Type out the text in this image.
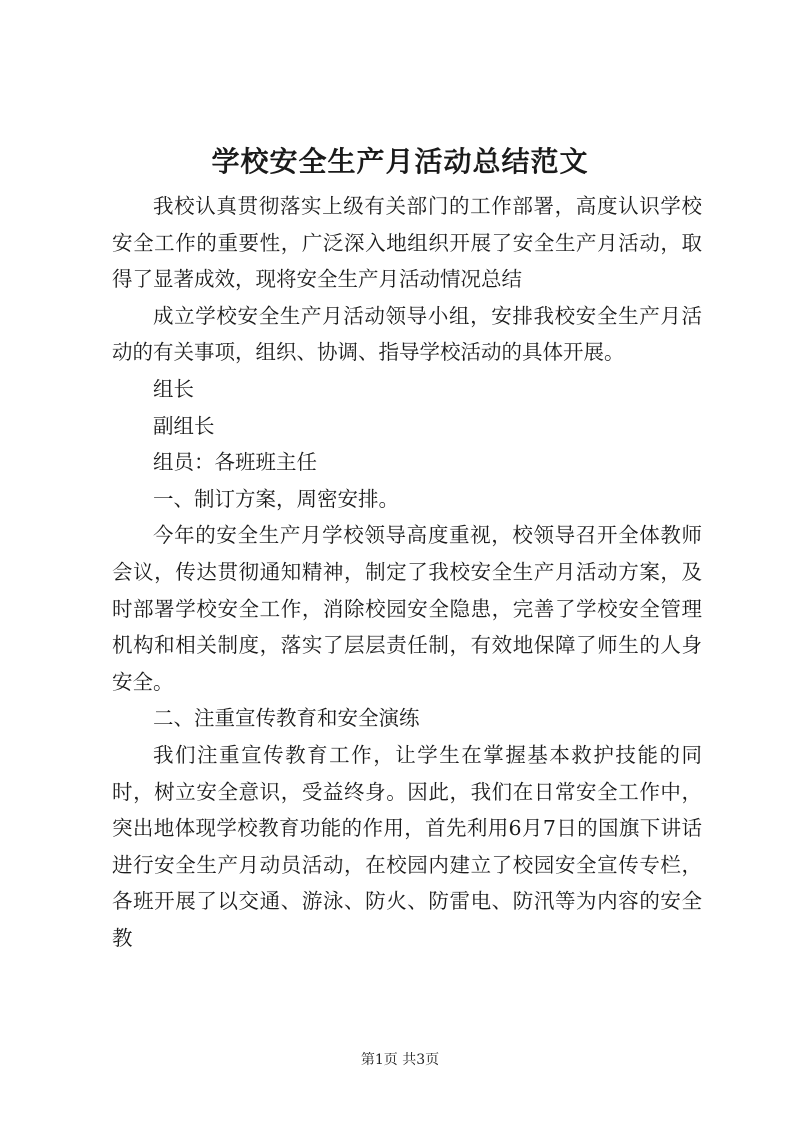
学校安全生产月活动总结范文

我校认真贯彻落实上级有关部门的工作部署，高度认识学校安全工作的重要性，广泛深入地组织开展了安全生产月活动，取得了显著成效，现将安全生产月活动情况总结

成立学校安全生产月活动领导小组，安排我校安全生产月活动的有关事项，组织、协调、指导学校活动的具体开展。

组长

副组长

组员：各班班主任

一、制订方案，周密安排。

今年的安全生产月学校领导高度重视，校领导召开全体教师会议，传达贯彻通知精神，制定了我校安全生产月活动方案，及时部署学校安全工作，消除校园安全隐患，完善了学校安全管理机构和相关制度，落实了层层责任制，有效地保障了师生的人身安全。

二、注重宣传教育和安全演练

我们注重宣传教育工作，让学生在掌握基本救护技能的同时，树立安全意识，受益终身。因此，我们在日常安全工作中，突出地体现学校教育功能的作用，首先利用6月7日的国旗下讲话进行安全生产月动员活动，在校园内建立了校园安全宣传专栏，各班开展了以交通、游泳、防火、防雷电、防汛等为内容的安全教

第1页 共3页
